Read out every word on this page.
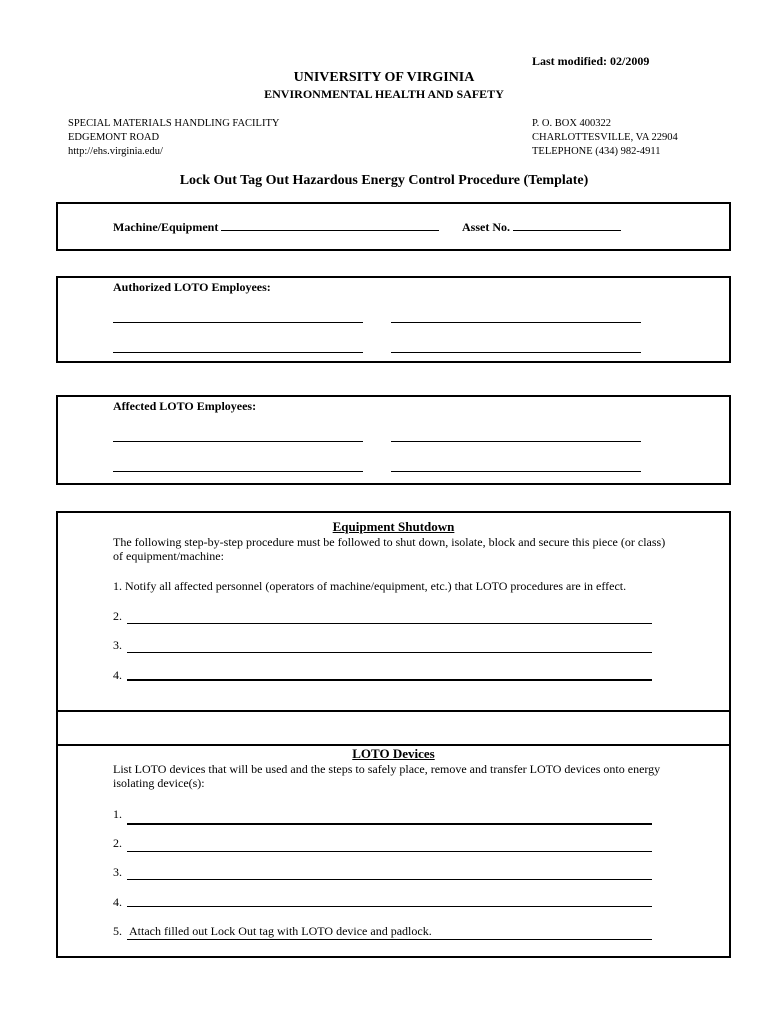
Last modified: 02/2009
UNIVERSITY OF VIRGINIA
ENVIRONMENTAL HEALTH AND SAFETY
SPECIAL MATERIALS HANDLING FACILITY
EDGEMONT ROAD
http://ehs.virginia.edu/
P. O. BOX 400322
CHARLOTTESVILLE, VA 22904
TELEPHONE (434) 982-4911
Lock Out Tag Out Hazardous Energy Control Procedure (Template)
Machine/Equipment	Asset No.
Authorized LOTO Employees:
Affected LOTO Employees:
Equipment Shutdown
The following step-by-step procedure must be followed to shut down, isolate, block and secure this piece (or class) of equipment/machine:
1. Notify all affected personnel (operators of machine/equipment, etc.) that LOTO procedures are in effect.
2.
3.
4.
LOTO Devices
List LOTO devices that will be used and the steps to safely place, remove and transfer LOTO devices onto energy isolating device(s):
1.
2.
3.
4.
5. Attach filled out Lock Out tag with LOTO device and padlock.
